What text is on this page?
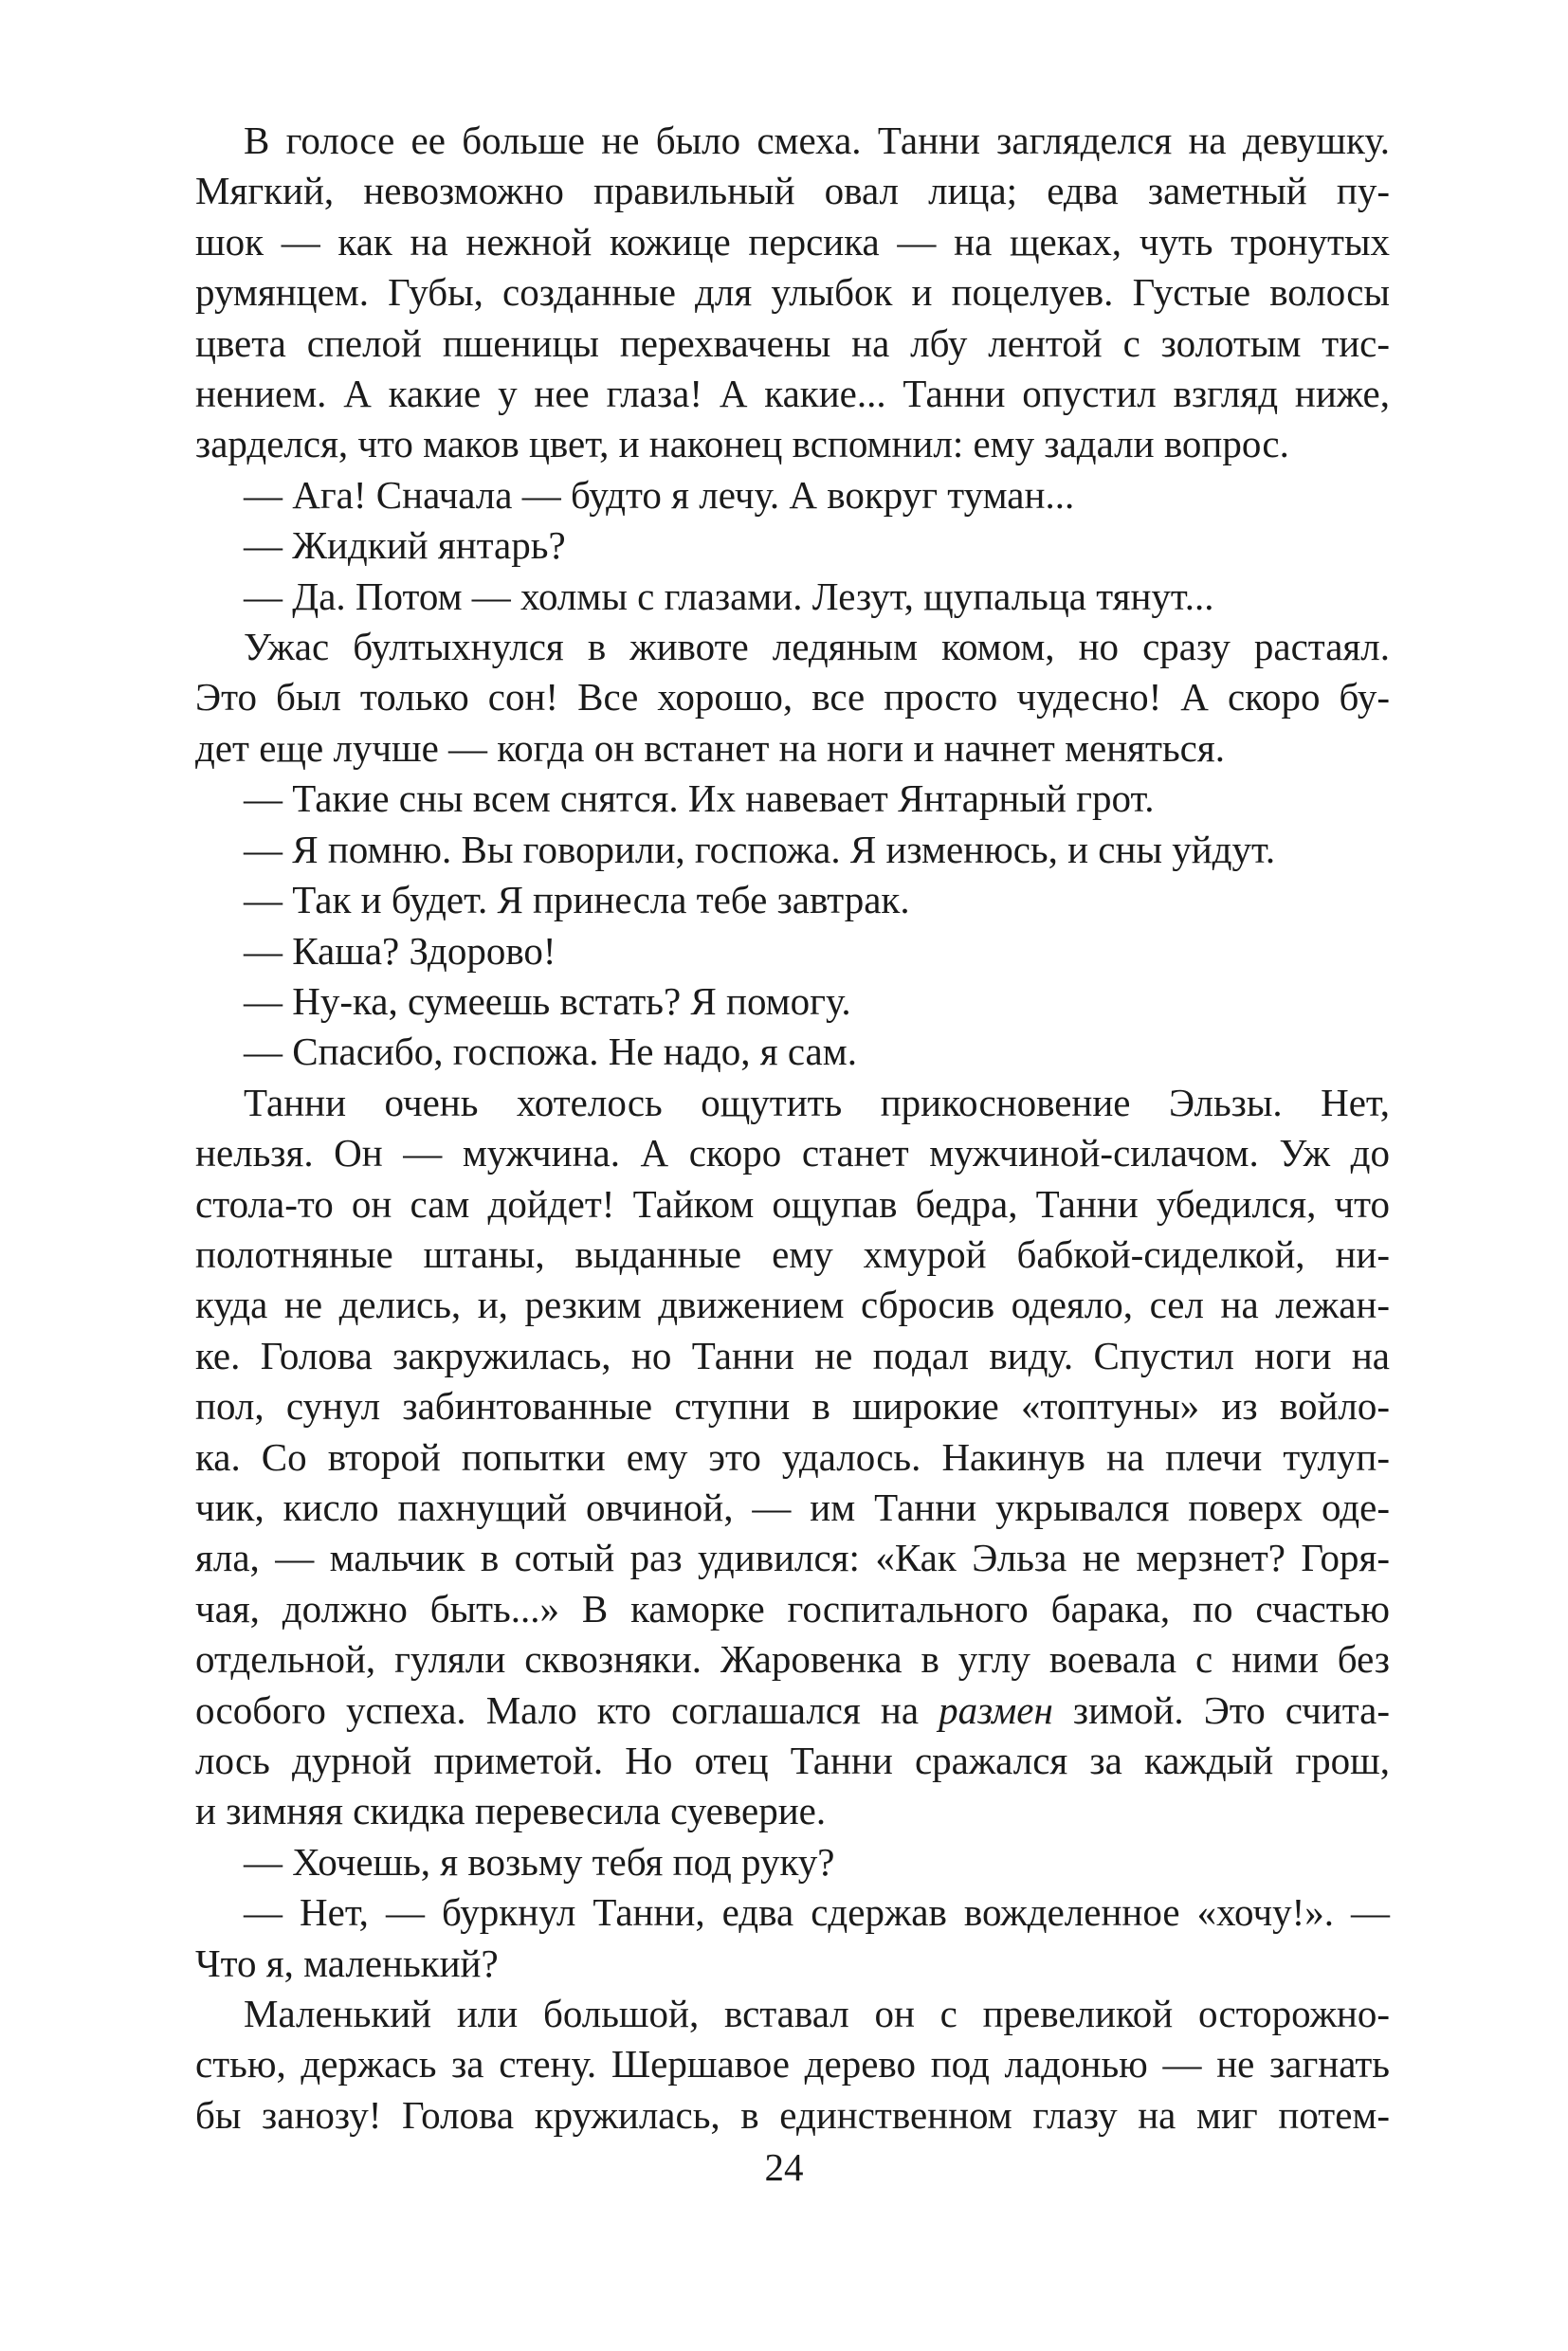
В голосе ее больше не было смеха. Танни загляделся на девушку.
Мягкий, невозможно правильный овал лица; едва заметный пу-
шок — как на нежной кожице персика — на щеках, чуть тронутых
румянцем. Губы, созданные для улыбок и поцелуев. Густые волосы
цвета спелой пшеницы перехвачены на лбу лентой с золотым тис-
нением. А какие у нее глаза! А какие... Танни опустил взгляд ниже,
зарделся, что маков цвет, и наконец вспомнил: ему задали вопрос.
— Ага! Сначала — будто я лечу. А вокруг туман...
— Жидкий янтарь?
— Да. Потом — холмы с глазами. Лезут, щупальца тянут...
Ужас бултыхнулся в животе ледяным комом, но сразу растаял.
Это был только сон! Все хорошо, все просто чудесно! А скоро бу-
дет еще лучше — когда он встанет на ноги и начнет меняться.
— Такие сны всем снятся. Их навевает Янтарный грот.
— Я помню. Вы говорили, госпожа. Я изменюсь, и сны уйдут.
— Так и будет. Я принесла тебе завтрак.
— Каша? Здорово!
— Ну-ка, сумеешь встать? Я помогу.
— Спасибо, госпожа. Не надо, я сам.
Танни очень хотелось ощутить прикосновение Эльзы. Нет,
нельзя. Он — мужчина. А скоро станет мужчиной-силачом. Уж до
стола-то он сам дойдет! Тайком ощупав бедра, Танни убедился, что
полотняные штаны, выданные ему хмурой бабкой-сиделкой, ни-
куда не делись, и, резким движением сбросив одеяло, сел на лежан-
ке. Голова закружилась, но Танни не подал виду. Спустил ноги на
пол, сунул забинтованные ступни в широкие «топтуны» из войло-
ка. Со второй попытки ему это удалось. Накинув на плечи тулуп-
чик, кисло пахнущий овчиной, — им Танни укрывался поверх оде-
яла, — мальчик в сотый раз удивился: «Как Эльза не мерзнет? Горя-
чая, должно быть...» В каморке госпитального барака, по счастью
отдельной, гуляли сквозняки. Жаровенка в углу воевала с ними без
особого успеха. Мало кто соглашался на размен зимой. Это счита-
лось дурной приметой. Но отец Танни сражался за каждый грош,
и зимняя скидка перевесила суеверие.
— Хочешь, я возьму тебя под руку?
— Нет, — буркнул Танни, едва сдержав вожделенное «хочу!». —
Что я, маленький?
Маленький или большой, вставал он с превеликой осторожно-
стью, держась за стену. Шершавое дерево под ладонью — не загнать
бы занозу! Голова кружилась, в единственном глазу на миг потем-
24
